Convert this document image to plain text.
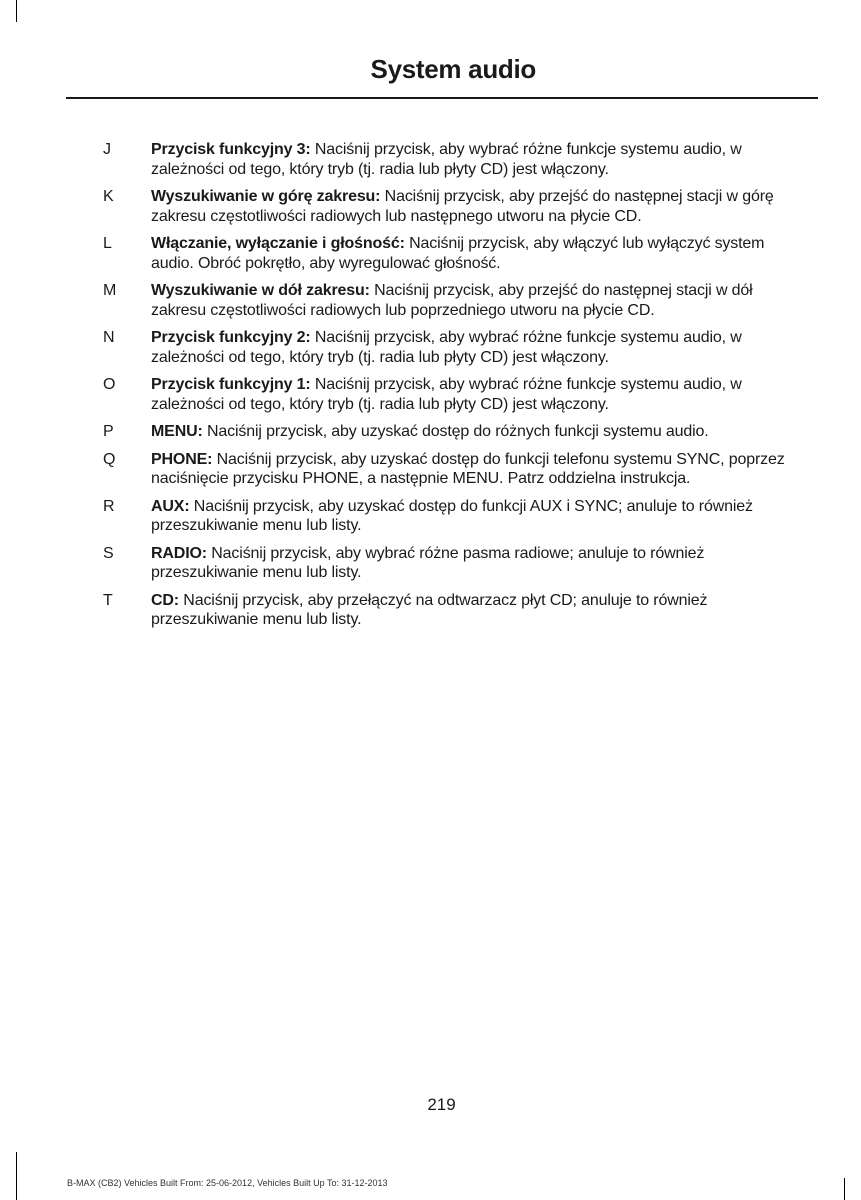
System audio
J	Przycisk funkcyjny 3: Naciśnij przycisk, aby wybrać różne funkcje systemu audio, w zależności od tego, który tryb (tj. radia lub płyty CD) jest włączony.
K Wyszukiwanie w górę zakresu: Naciśnij przycisk, aby przejść do następnej stacji w górę zakresu częstotliwości radiowych lub następnego utworu na płycie CD.
L Włączanie, wyłączanie i głośność: Naciśnij przycisk, aby włączyć lub wyłączyć system audio. Obróć pokrętło, aby wyregulować głośność.
M Wyszukiwanie w dół zakresu: Naciśnij przycisk, aby przejść do następnej stacji w dół zakresu częstotliwości radiowych lub poprzedniego utworu na płycie CD.
N Przycisk funkcyjny 2: Naciśnij przycisk, aby wybrać różne funkcje systemu audio, w zależności od tego, który tryb (tj. radia lub płyty CD) jest włączony.
O Przycisk funkcyjny 1: Naciśnij przycisk, aby wybrać różne funkcje systemu audio, w zależności od tego, który tryb (tj. radia lub płyty CD) jest włączony.
P MENU: Naciśnij przycisk, aby uzyskać dostęp do różnych funkcji systemu audio.
Q PHONE: Naciśnij przycisk, aby uzyskać dostęp do funkcji telefonu systemu SYNC, poprzez naciśnięcie przycisku PHONE, a następnie MENU. Patrz oddzielna instrukcja.
R AUX: Naciśnij przycisk, aby uzyskać dostęp do funkcji AUX i SYNC; anuluje to również przeszukiwanie menu lub listy.
S RADIO: Naciśnij przycisk, aby wybrać różne pasma radiowe; anuluje to również przeszukiwanie menu lub listy.
T CD: Naciśnij przycisk, aby przełączyć na odtwarzacz płyt CD; anuluje to również przeszukiwanie menu lub listy.
219
B-MAX (CB2) Vehicles Built From: 25-06-2012, Vehicles Built Up To: 31-12-2013
